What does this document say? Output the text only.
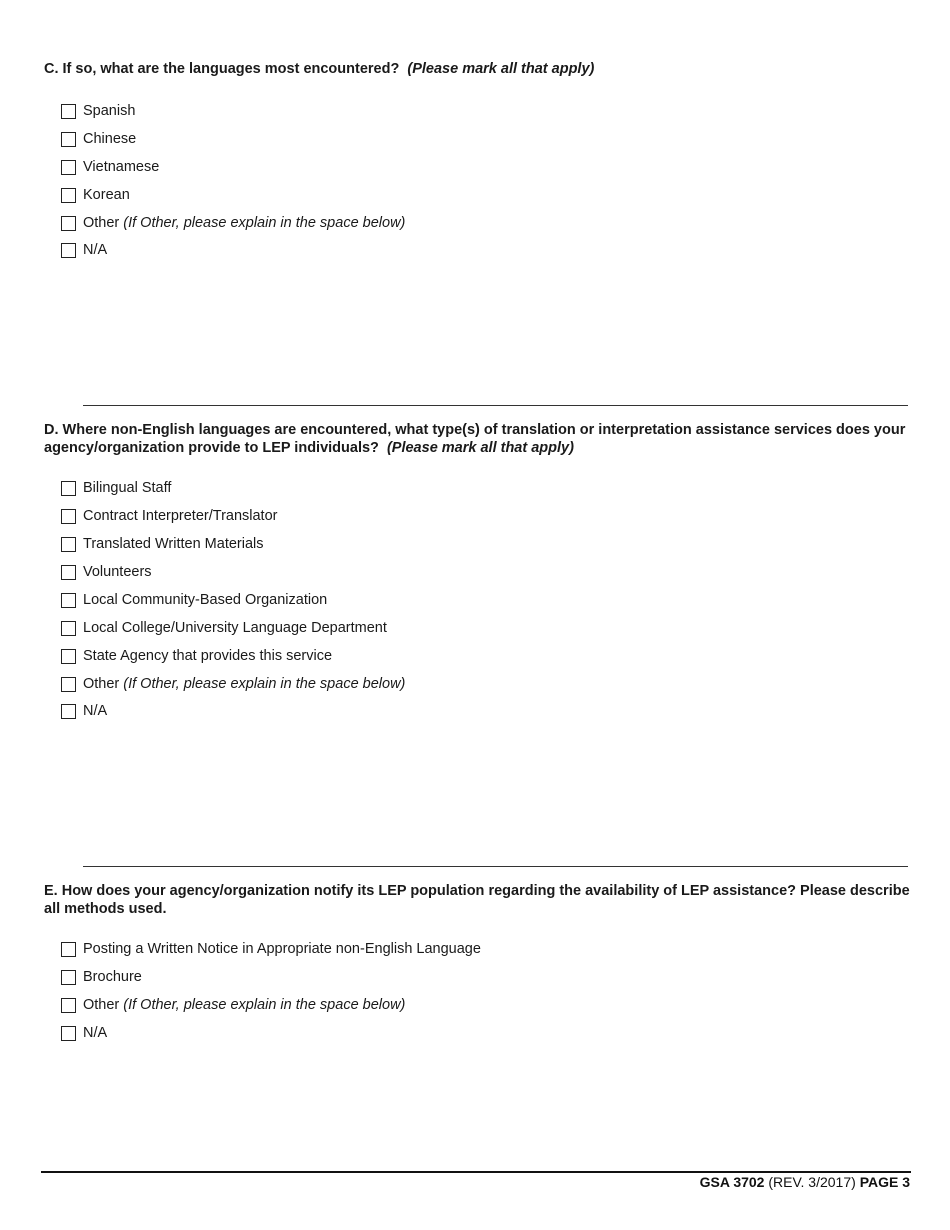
C. If so, what are the languages most encountered? (Please mark all that apply)
Spanish
Chinese
Vietnamese
Korean
Other (If Other, please explain in the space below)
N/A
D. Where non-English languages are encountered, what type(s) of translation or interpretation assistance services does your agency/organization provide to LEP individuals? (Please mark all that apply)
Bilingual Staff
Contract Interpreter/Translator
Translated Written Materials
Volunteers
Local Community-Based Organization
Local College/University Language Department
State Agency that provides this service
Other (If Other, please explain in the space below)
N/A
E. How does your agency/organization notify its LEP population regarding the availability of LEP assistance? Please describe all methods used.
Posting a Written Notice in Appropriate non-English Language
Brochure
Other (If Other, please explain in the space below)
N/A
GSA 3702 (REV. 3/2017) PAGE 3
